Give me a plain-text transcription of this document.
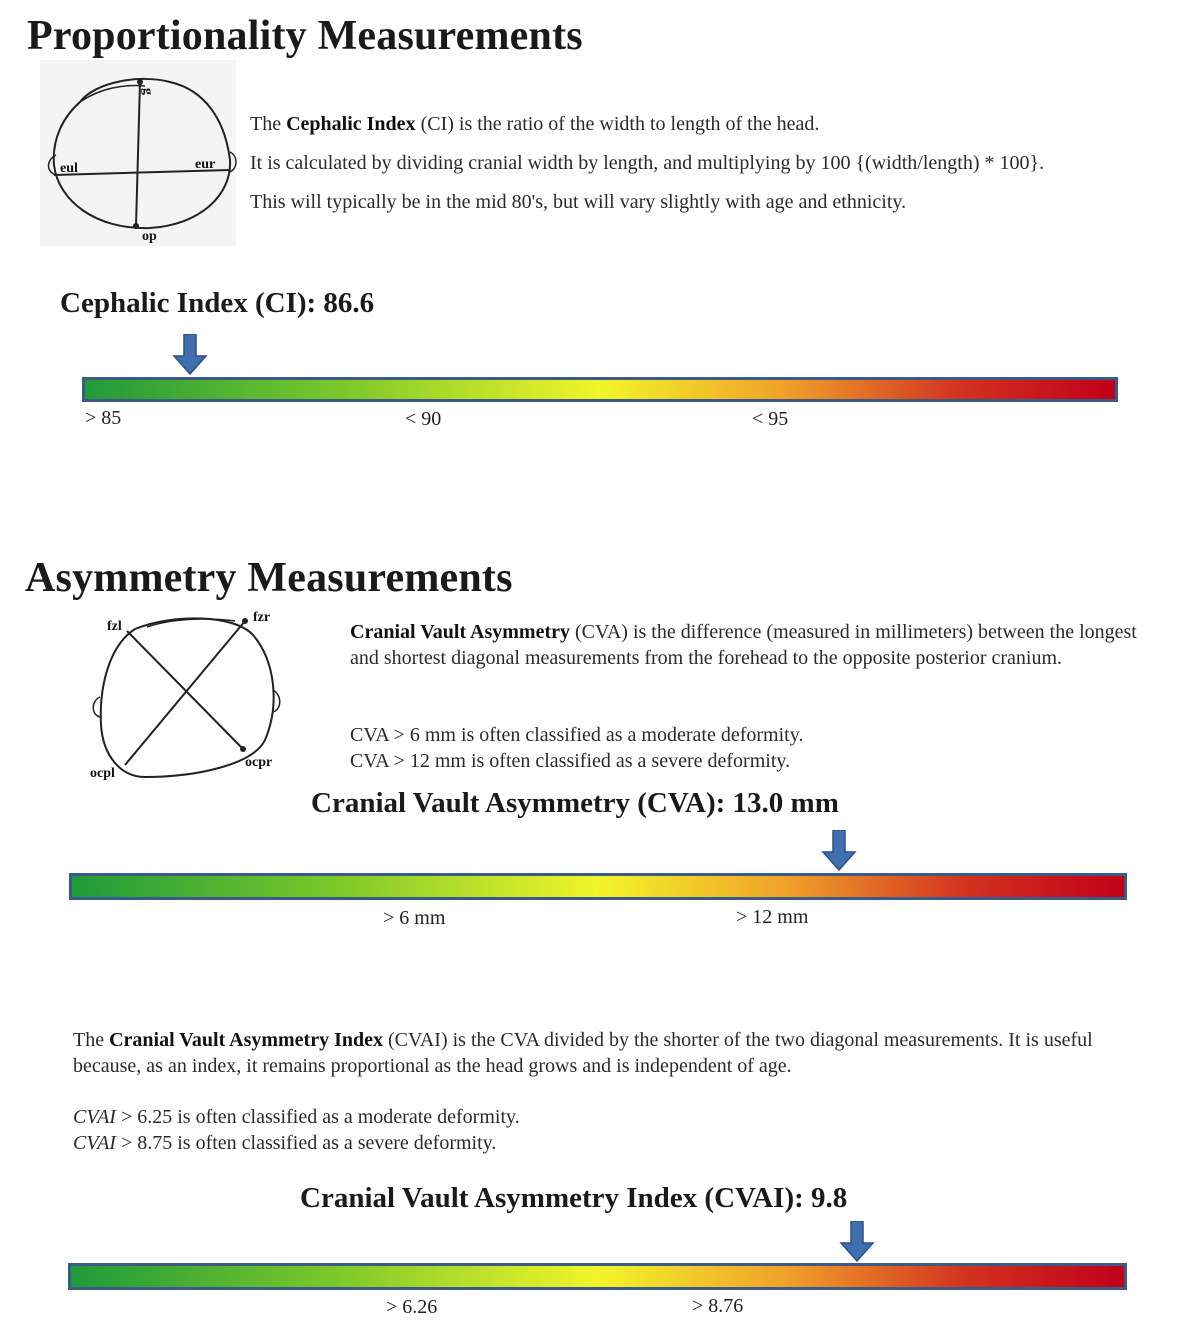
Proportionality Measurements
g
eul	eur
op
The Cephalic Index (CI) is the ratio of the width to length of the head.
It is calculated by dividing cranial width by length, and multiplying by 100 {(width/length) * 100}.
This will typically be in the mid 80's, but will vary slightly with age and ethnicity.
Cephalic Index (CI): 86.6
> 85	< 90	< 95
Asymmetry Measurements
fzl
fzr
ocpl
ocpr
Cranial Vault Asymmetry (CVA) is the difference (measured in millimeters) between the longest and shortest diagonal measurements from the forehead to the opposite posterior cranium.
CVA > 6 mm is often classified as a moderate deformity.
CVA > 12 mm is often classified as a severe deformity.
Cranial Vault Asymmetry (CVA): 13.0 mm
> 6 mm	> 12 mm
The Cranial Vault Asymmetry Index (CVAI) is the CVA divided by the shorter of the two diagonal measurements. It is useful because, as an index, it remains proportional as the head grows and is independent of age.
CVAI > 6.25 is often classified as a moderate deformity.
CVAI > 8.75 is often classified as a severe deformity.
Cranial Vault Asymmetry Index (CVAI): 9.8
> 6.26	> 8.76
